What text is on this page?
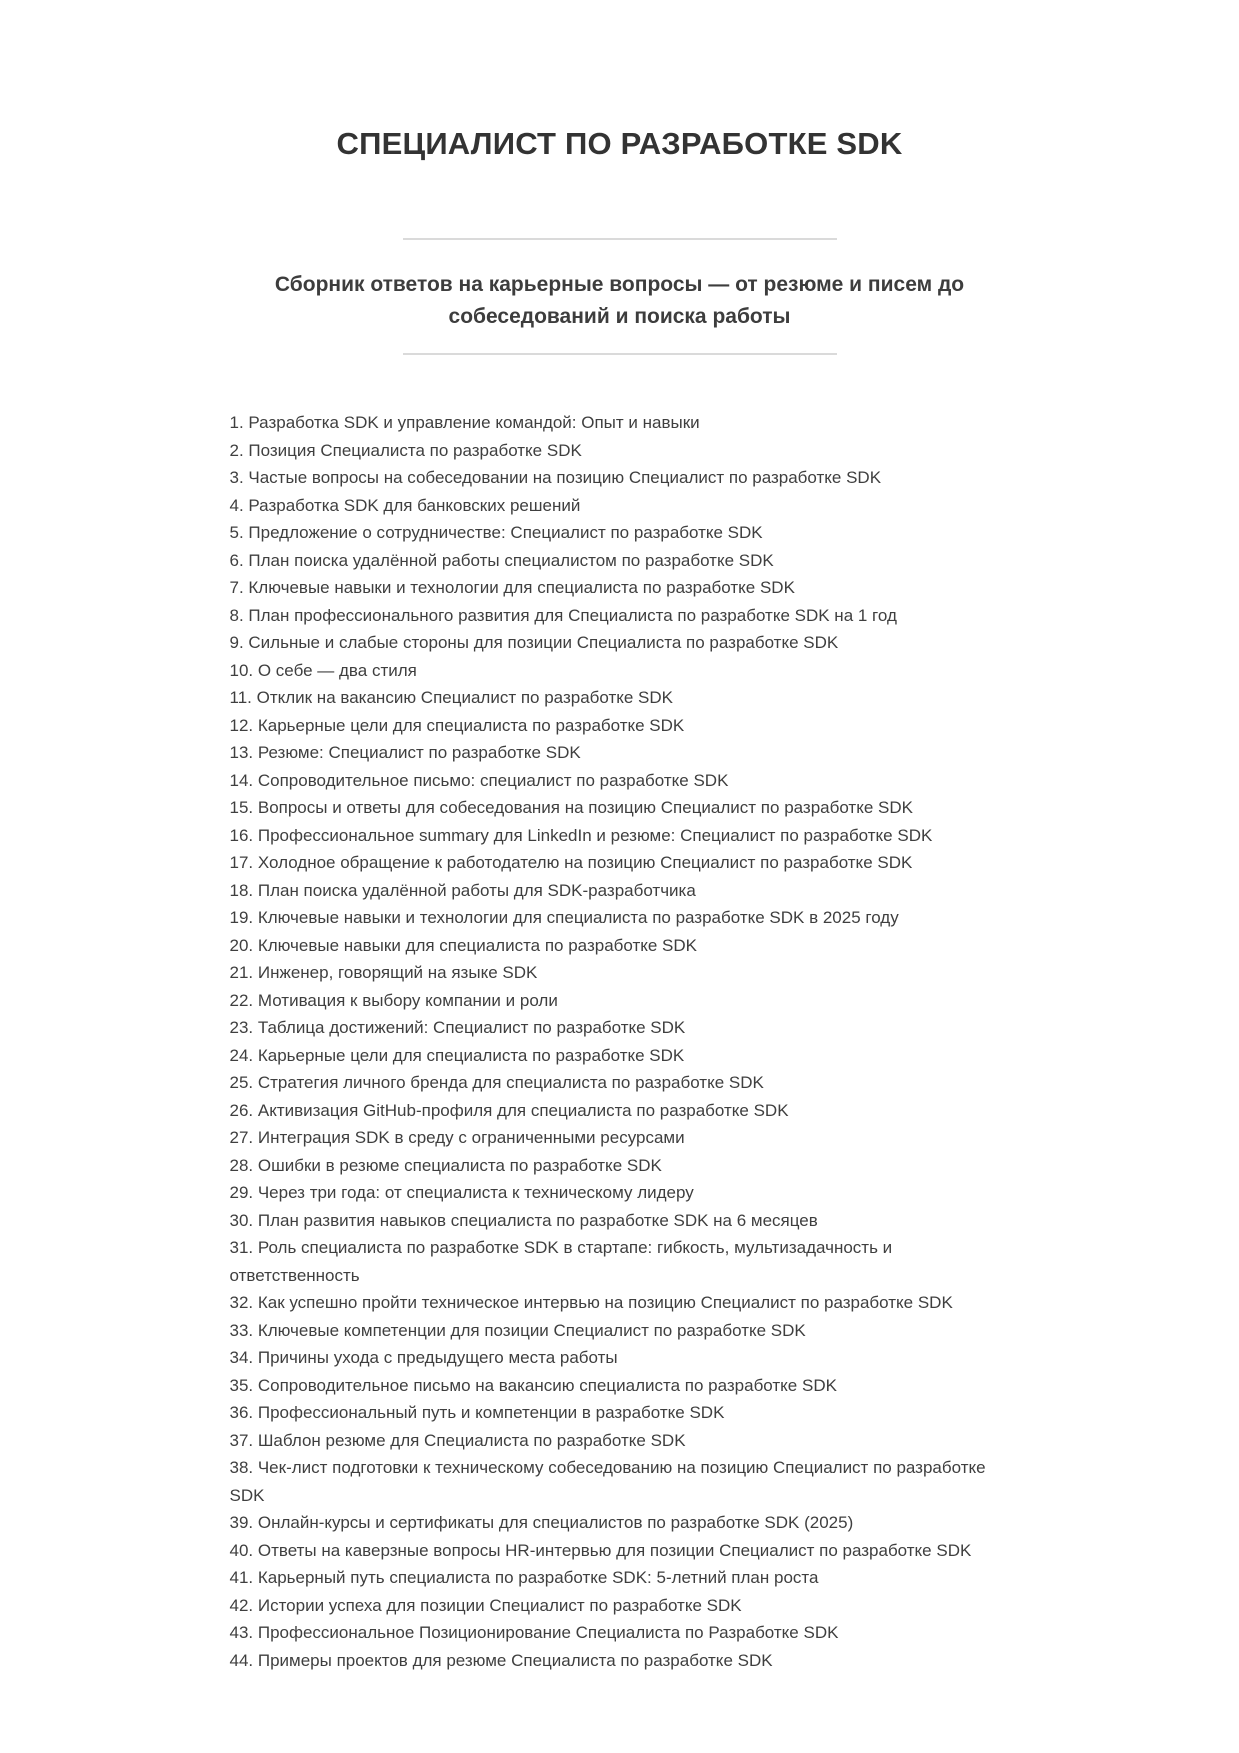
СПЕЦИАЛИСТ ПО РАЗРАБОТКЕ SDK
Сборник ответов на карьерные вопросы — от резюме и писем до собеседований и поиска работы
1. Разработка SDK и управление командой: Опыт и навыки
2. Позиция Специалиста по разработке SDK
3. Частые вопросы на собеседовании на позицию Специалист по разработке SDK
4. Разработка SDK для банковских решений
5. Предложение о сотрудничестве: Специалист по разработке SDK
6. План поиска удалённой работы специалистом по разработке SDK
7. Ключевые навыки и технологии для специалиста по разработке SDK
8. План профессионального развития для Специалиста по разработке SDK на 1 год
9. Сильные и слабые стороны для позиции Специалиста по разработке SDK
10. О себе — два стиля
11. Отклик на вакансию Специалист по разработке SDK
12. Карьерные цели для специалиста по разработке SDK
13. Резюме: Специалист по разработке SDK
14. Сопроводительное письмо: специалист по разработке SDK
15. Вопросы и ответы для собеседования на позицию Специалист по разработке SDK
16. Профессиональное summary для LinkedIn и резюме: Специалист по разработке SDK
17. Холодное обращение к работодателю на позицию Специалист по разработке SDK
18. План поиска удалённой работы для SDK-разработчика
19. Ключевые навыки и технологии для специалиста по разработке SDK в 2025 году
20. Ключевые навыки для специалиста по разработке SDK
21. Инженер, говорящий на языке SDK
22. Мотивация к выбору компании и роли
23. Таблица достижений: Специалист по разработке SDK
24. Карьерные цели для специалиста по разработке SDK
25. Стратегия личного бренда для специалиста по разработке SDK
26. Активизация GitHub-профиля для специалиста по разработке SDK
27. Интеграция SDK в среду с ограниченными ресурсами
28. Ошибки в резюме специалиста по разработке SDK
29. Через три года: от специалиста к техническому лидеру
30. План развития навыков специалиста по разработке SDK на 6 месяцев
31. Роль специалиста по разработке SDK в стартапе: гибкость, мультизадачность и ответственность
32. Как успешно пройти техническое интервью на позицию Специалист по разработке SDK
33. Ключевые компетенции для позиции Специалист по разработке SDK
34. Причины ухода с предыдущего места работы
35. Сопроводительное письмо на вакансию специалиста по разработке SDK
36. Профессиональный путь и компетенции в разработке SDK
37. Шаблон резюме для Специалиста по разработке SDK
38. Чек-лист подготовки к техническому собеседованию на позицию Специалист по разработке SDK
39. Онлайн-курсы и сертификаты для специалистов по разработке SDK (2025)
40. Ответы на каверзные вопросы HR-интервью для позиции Специалист по разработке SDK
41. Карьерный путь специалиста по разработке SDK: 5-летний план роста
42. Истории успеха для позиции Специалист по разработке SDK
43. Профессиональное Позиционирование Специалиста по Разработке SDK
44. Примеры проектов для резюме Специалиста по разработке SDK
